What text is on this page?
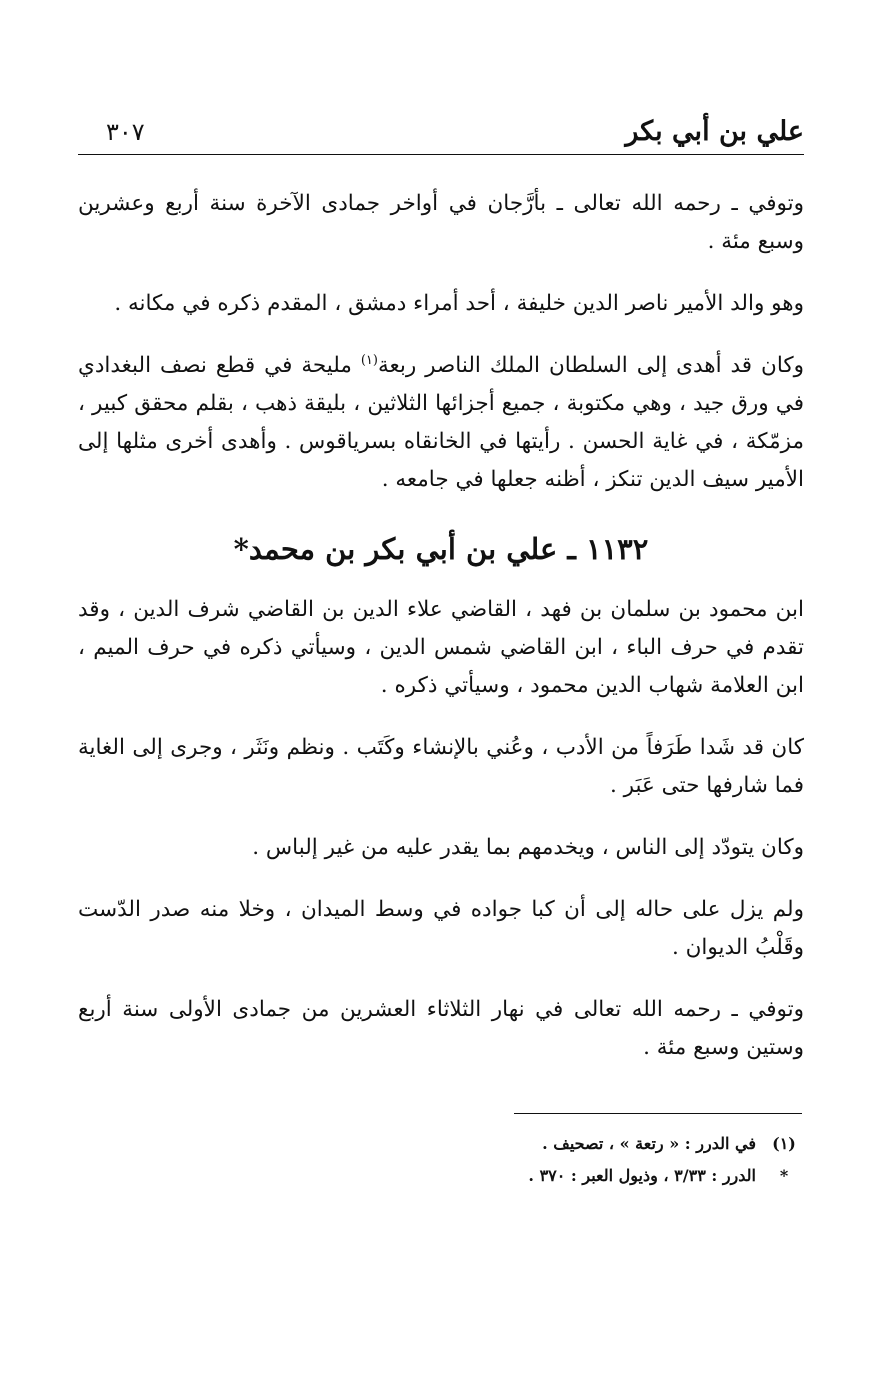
علي بن أبي بكر
٣٠٧

وتوفي ـ رحمه الله تعالى ـ بأرَّجان في أواخر جمادى الآخرة سنة أربع وعشرين وسبع مئة .

وهو والد الأمير ناصر الدين خليفة ، أحد أمراء دمشق ، المقدم ذكره في مكانه .

وكان قد أهدى إلى السلطان الملك الناصر ربعة$^{(١)}$ مليحة في قطع نصف البغدادي في ورق جيد ، وهي مكتوبة ، جميع أجزائها الثلاثين ، بليقة ذهب ، بقلم محقق كبير ، مزمّكة ، في غاية الحسن . رأيتها في الخانقاه بسرياقوس . وأهدى أخرى مثلها إلى الأمير سيف الدين تنكز ، أظنه جعلها في جامعه .

١١٣٢ ـ علي بن أبي بكر بن محمد*

ابن محمود بن سلمان بن فهد ، القاضي علاء الدين بن القاضي شرف الدين ، وقد تقدم في حرف الباء ، ابن القاضي شمس الدين ، وسيأتي ذكره في حرف الميم ، ابن العلامة شهاب الدين محمود ، وسيأتي ذكره .

كان قد شَدا طَرَفاً من الأدب ، وعُني بالإنشاء وكَتَب . ونظم ونَثَر ، وجرى إلى الغاية فما شارفها حتى عَبَر .

وكان يتودّد إلى الناس ، ويخدمهم بما يقدر عليه من غير إلباس .

ولم يزل على حاله إلى أن كبا جواده في وسط الميدان ، وخلا منه صدر الدّست وقَلْبُ الديوان .

وتوفي ـ رحمه الله تعالى في نهار الثلاثاء العشرين من جمادى الأولى سنة أربع وستين وسبع مئة .

(١)
في الدرر : « رتعة » ، تصحيف .
*
الدرر : ٣/٣٣ ، وذيول العبر : ٣٧٠ .
